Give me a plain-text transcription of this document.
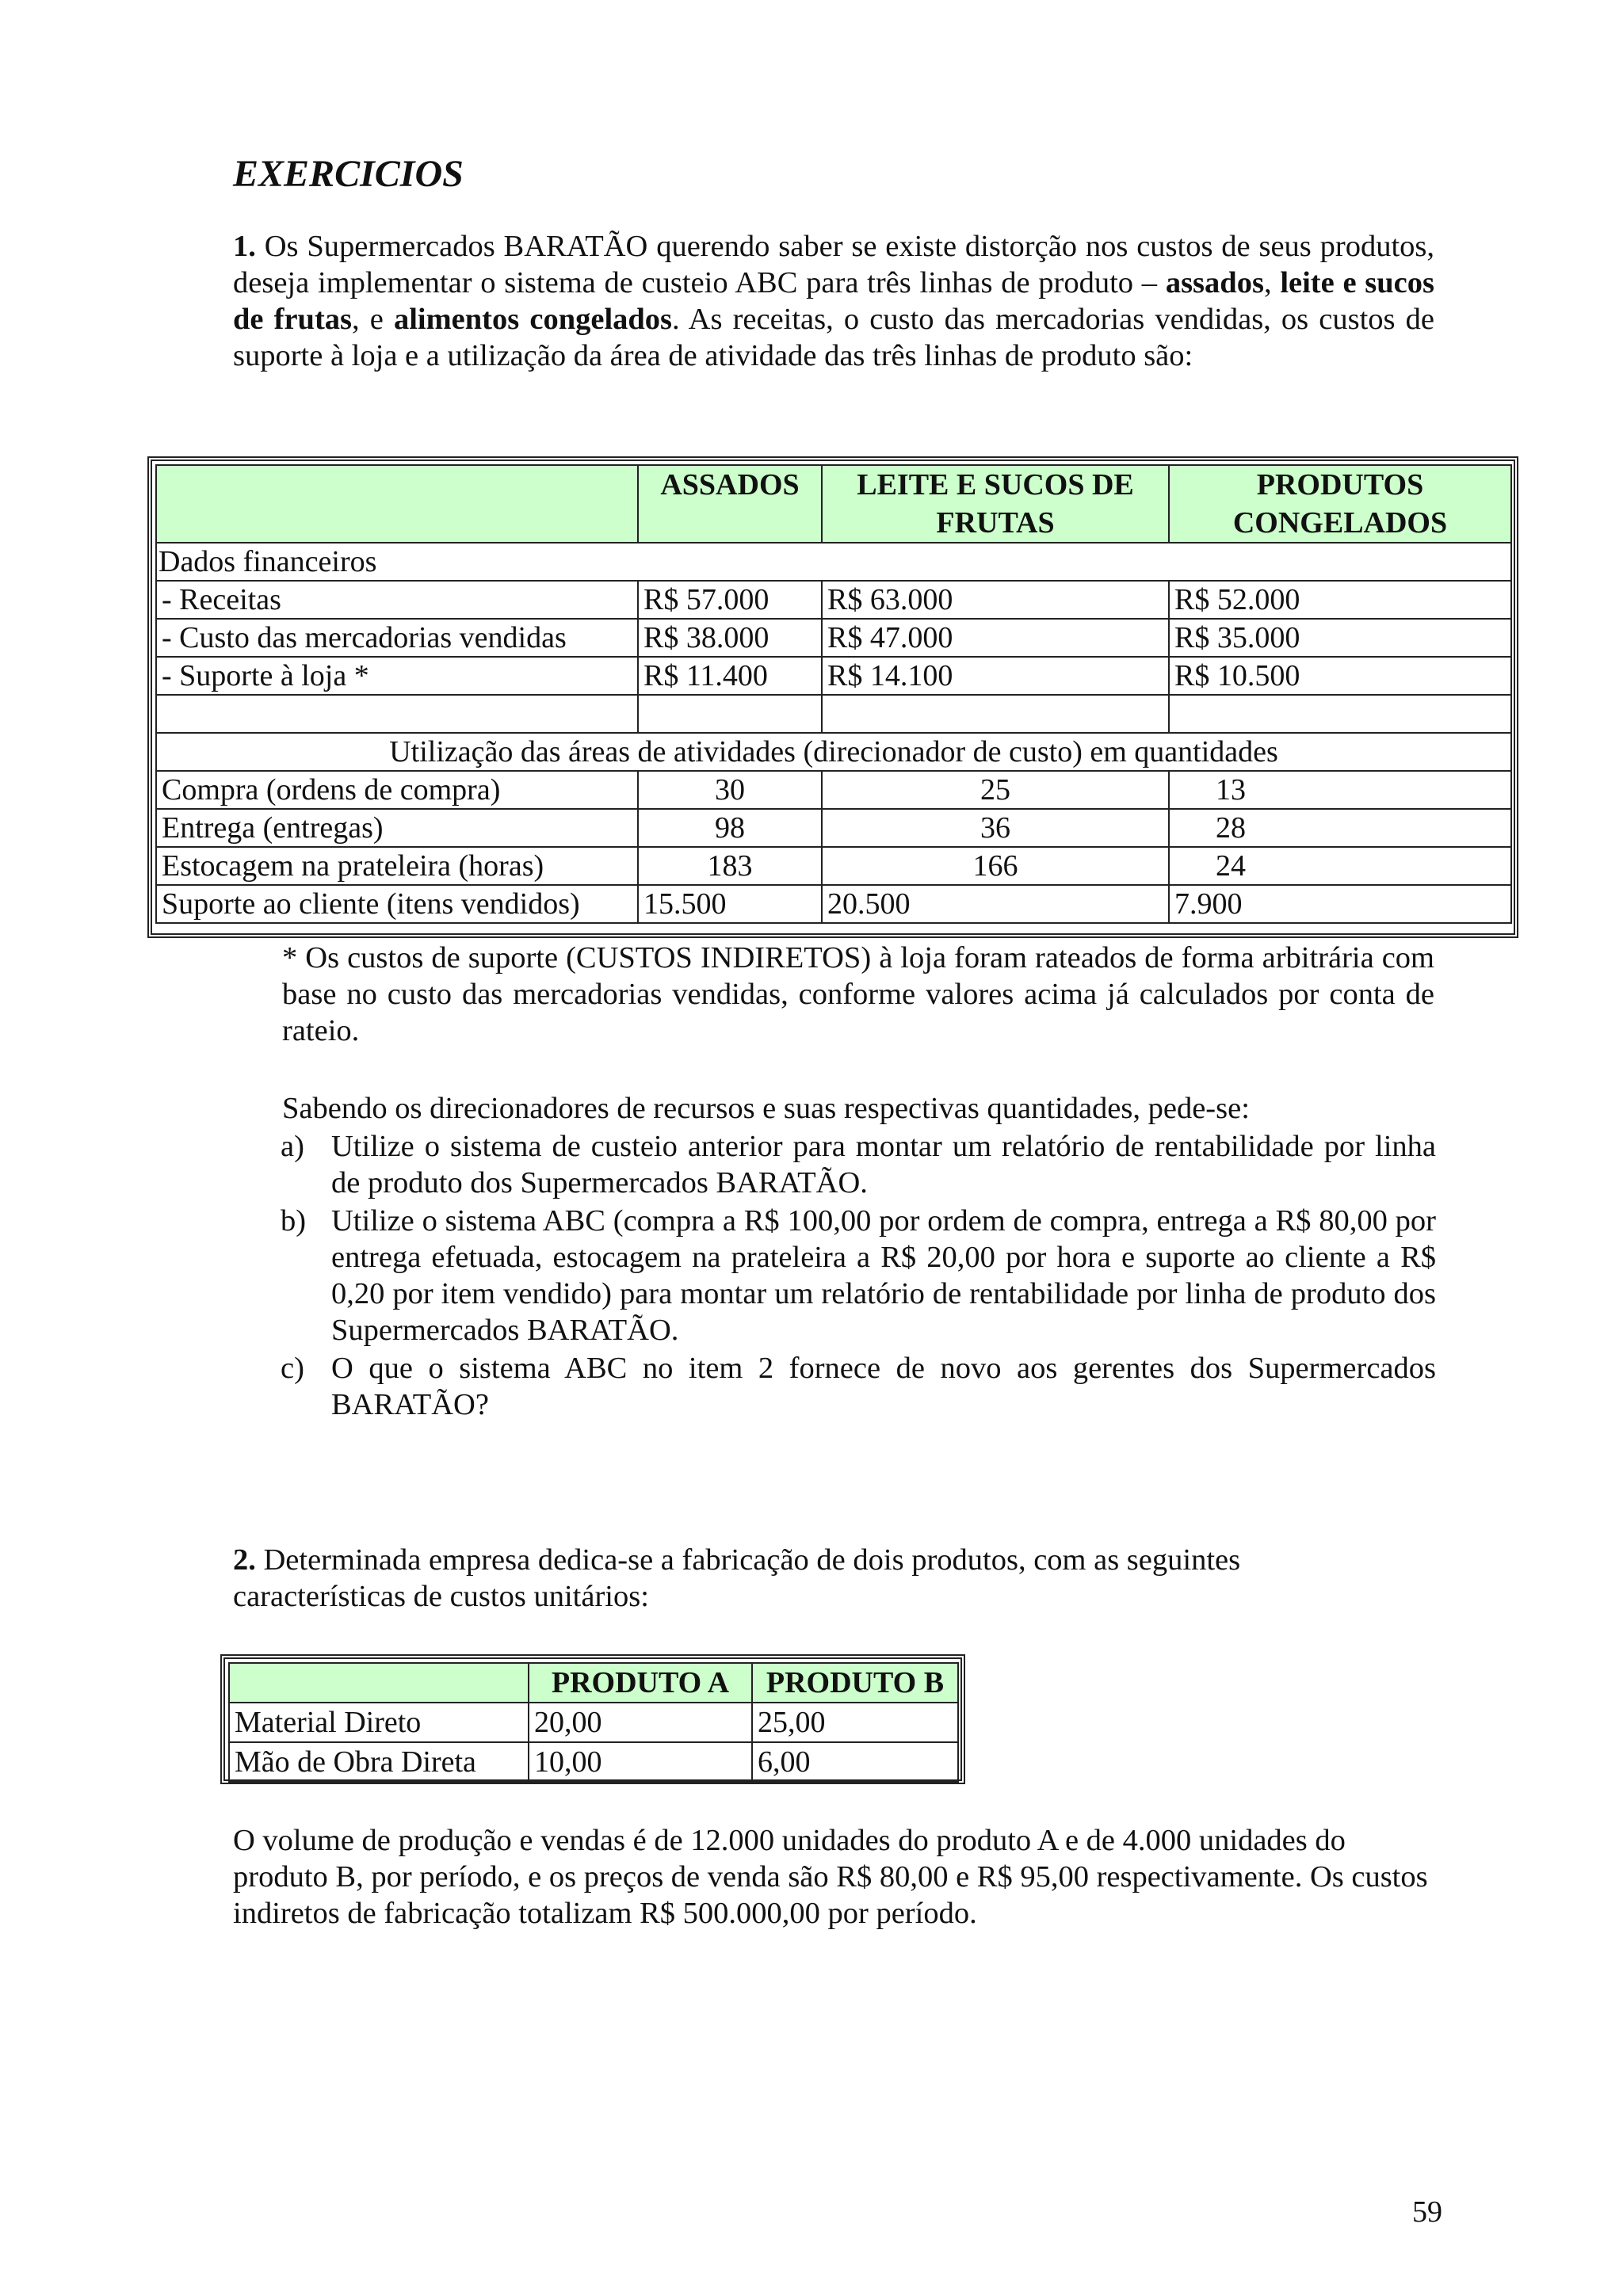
EXERCICIOS

1. Os Supermercados BARATÃO querendo saber se existe distorção nos custos de seus produtos, deseja implementar o sistema de custeio ABC para três linhas de produto – assados, leite e sucos de frutas, e alimentos congelados. As receitas, o custo das mercadorias vendidas, os custos de suporte à loja e a utilização da área de atividade das três linhas de produto são:

	ASSADOS	LEITE E SUCOS DE FRUTAS	PRODUTOS CONGELADOS
Dados financeiros			
- Receitas	R$ 57.000	R$ 63.000	R$ 52.000
- Custo das mercadorias vendidas	R$ 38.000	R$ 47.000	R$ 35.000
- Suporte à loja *	R$ 11.400	R$ 14.100	R$ 10.500

Utilização das áreas de atividades (direcionador de custo) em quantidades			
Compra (ordens de compra)	30	25	13
Entrega (entregas)	98	36	28
Estocagem na prateleira (horas)	183	166	24
Suporte ao cliente (itens vendidos)	15.500	20.500	7.900

* Os custos de suporte (CUSTOS INDIRETOS) à loja foram rateados de forma arbitrária com base no custo das mercadorias vendidas, conforme valores acima já calculados por conta de rateio.

Sabendo os direcionadores de recursos e suas respectivas quantidades, pede-se:

a) Utilize o sistema de custeio anterior para montar um relatório de rentabilidade por linha de produto dos Supermercados BARATÃO.
b) Utilize o sistema ABC (compra a R$ 100,00 por ordem de compra, entrega a R$ 80,00 por entrega efetuada, estocagem na prateleira a R$ 20,00 por hora e suporte ao cliente a R$ 0,20 por item vendido) para montar um relatório de rentabilidade por linha de produto dos Supermercados BARATÃO.
c) O que o sistema ABC no item 2 fornece de novo aos gerentes dos Supermercados BARATÃO?

2. Determinada empresa dedica-se a fabricação de dois produtos, com as seguintes características de custos unitários:

	PRODUTO A	PRODUTO B
Material Direto	20,00	25,00
Mão de Obra Direta	10,00	6,00

O volume de produção e vendas é de 12.000 unidades do produto A e de 4.000 unidades do produto B, por período, e os preços de venda são R$ 80,00 e R$ 95,00 respectivamente. Os custos indiretos de fabricação totalizam R$ 500.000,00 por período.

59
